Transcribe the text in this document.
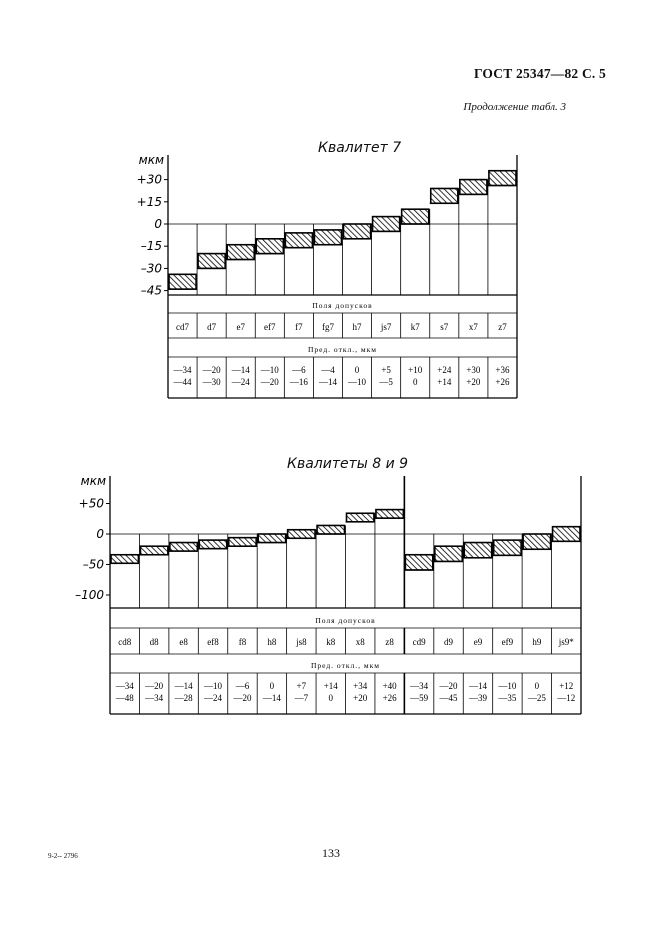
ГОСТ 25347—82 С. 5
Продолжение табл. 3
Квалитет 7
Квалитеты 8 и 9
+30
+15
0
–15
–30
–45
мкм
Поля допусков
Пред. откл., мкм
cd7
—34
—44
d7
—20
—30
e7
—14
—24
ef7
—10
—20
f7
—6
—16
fg7
—4
—14
h7
0
—10
js7
+5
—5
k7
+10
0
s7
+24
+14
x7
+30
+20
z7
+36
+26
+50
0
–50
–100
мкм
Поля допусков
Пред. откл., мкм
cd8
—34
—48
d8
—20
—34
e8
—14
—28
ef8
—10
—24
f8
—6
—20
h8
0
—14
js8
+7
—7
k8
+14
0
x8
+34
+20
z8
+40
+26
cd9
—34
—59
d9
—20
—45
e9
—14
—39
ef9
—10
—35
h9
0
—25
js9*
+12
—12
9-2-- 2796	133
